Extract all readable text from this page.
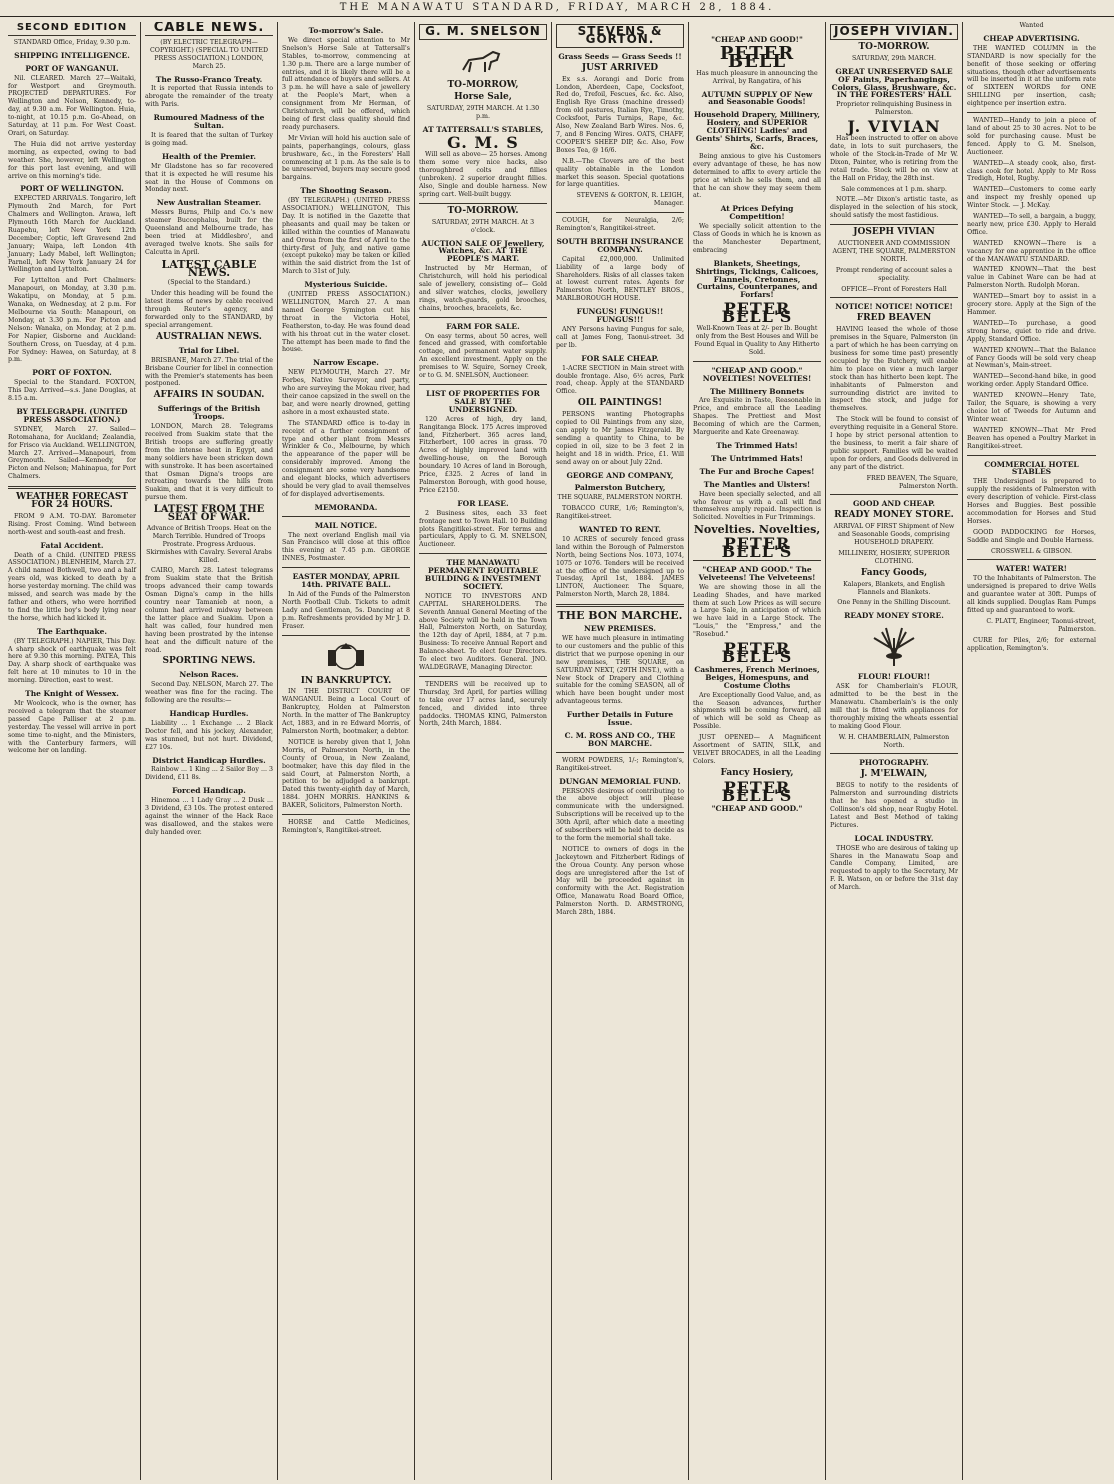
THE MANAWATU STANDARD, FRIDAY, MARCH 28, 1884.
SECOND EDITION

STANDARD Office, Friday, 9.30 p.m.

SHIPPING INTELLIGENCE.
PORT OF WANGANUI.

Nil. CLEARED. March 27—Waitaki, for Westport and Greymouth. PROJECTED DEPARTURES. For Wellington and Nelson, Kennedy, to-day, at 9.30 a.m. For Wellington. Huia, to-night, at 10.15 p.m. Go-Ahead, on Saturday, at 11 p.m. For West Coast. Orari, on Saturday.

The Huia did not arrive yesterday morning, as expected, owing to bad weather. She, however, left Wellington for this port last evening, and will arrive on this morning's tide.

PORT OF WELLINGTON.

EXPECTED ARRIVALS. Tongariro, left Plymouth 2nd March, for Port Chalmers and Wellington. Arawa, left Plymouth 16th March for Auckland. Ruapehu, left New York 12th December; Coptic, left Gravesend 2nd January; Waipa, left London 4th January; Lady Mabel, left Wellington; Parnell, left New York January 24 for Wellington and Lyttelton.

For Lyttelton and Port Chalmers: Manapouri, on Monday, at 3.30 p.m. Wakatipu, on Monday, at 5 p.m. Wanaka, on Wednesday, at 2 p.m. For Melbourne via South: Manapouri, on Monday, at 3.30 p.m. For Picton and Nelson: Wanaka, on Monday, at 2 p.m. For Napier, Gisborne and Auckland: Southern Cross, on Tuesday, at 4 p.m. For Sydney: Hawea, on Saturday, at 8 p.m.

PORT OF FOXTON.

Special to the Standard. FOXTON, This Day. Arrived—s.s. Jane Douglas, at 8.15 a.m.

BY TELEGRAPH. (UNITED PRESS ASSOCIATION.)

SYDNEY, March 27. Sailed—Rotomahana, for Auckland; Zealandia, for Frisco via Auckland. WELLINGTON, March 27. Arrived—Manapouri, from Greymouth. Sailed—Kennedy, for Picton and Nelson; Mahinapua, for Port Chalmers.

WEATHER FORECAST FOR 24 HOURS.

FROM 9 A.M. TO-DAY. Barometer Rising. Frost Coming. Wind between north-west and south-east and fresh.

Fatal Accident.

Death of a Child. (UNITED PRESS ASSOCIATION.) BLENHEIM, March 27. A child named Bothwell, two and a half years old, was kicked to death by a horse yesterday morning. The child was missed, and search was made by the father and others, who were horrified to find the little boy's body lying near the horse, which had kicked it.

The Earthquake.

(BY TELEGRAPH.) NAPIER, This Day. A sharp shock of earthquake was felt here at 9.30 this morning. PATEA, This Day. A sharp shock of earthquake was felt here at 10 minutes to 10 in the morning. Direction, east to west.

The Knight of Wessex.

Mr Woolcock, who is the owner, has received a telegram that the steamer passed Cape Palliser at 2 p.m. yesterday. The vessel will arrive in port some time to-night, and the Ministers, with the Canterbury farmers, will welcome her on landing.

CABLE NEWS.

(BY ELECTRIC TELEGRAPH—COPYRIGHT.) (SPECIAL TO UNITED PRESS ASSOCIATION.) LONDON, March 25.

The Russo-Franco Treaty.

It is reported that Russia intends to abrogate the remainder of the treaty with Paris.

Rumoured Madness of the Sultan.

It is feared that the sultan of Turkey is going mad.

Health of the Premier.

Mr Gladstone has so far recovered that it is expected he will resume his seat in the House of Commons on Monday next.

New Australian Steamer.

Messrs Burns, Philp and Co.'s new steamer Buccephalus, built for the Queensland and Melbourne trade, has been tried at Middlesbro', and averaged twelve knots. She sails for Calcutta in April.

LATEST CABLE NEWS.

(Special to the Standard.)

Under this heading will be found the latest items of news by cable received through Reuter's agency, and forwarded only to the STANDARD, by special arrangement.

AUSTRALIAN NEWS.
Trial for Libel.

BRISBANE, March 27. The trial of the Brisbane Courier for libel in connection with the Premier's statements has been postponed.

AFFAIRS IN SOUDAN.
Sufferings of the British Troops.

LONDON, March 28. Telegrams received from Suakim state that the British troops are suffering greatly from the intense heat in Egypt, and many soldiers have been stricken down with sunstroke. It has been ascertained that Osman Digna's troops are retreating towards the hills from Suakim, and that it is very difficult to pursue them.

LATEST FROM THE SEAT OF WAR.

Advance of British Troops. Heat on the March Terrible. Hundred of Troops Prostrate. Progress Arduous. Skirmishes with Cavalry. Several Arabs Killed.

CAIRO, March 28. Latest telegrams from Suakim state that the British troops advanced their camp towards Osman Digna's camp in the hills country near Tamanieb at noon, a column had arrived midway between the latter place and Suakim. Upon a halt was called, four hundred men having been prostrated by the intense heat and the difficult nature of the road.

SPORTING NEWS.
Nelson Races.

Second Day. NELSON, March 27. The weather was fine for the racing. The following are the results:—

Handicap Hurdles.

Liability ... 1 Exchange ... 2 Black Doctor fell, and his jockey, Alexander, was stunned, but not hurt. Dividend, £27 10s.

District Handicap Hurdles.

Rainbow ... 1 King ... 2 Sailor Boy ... 3 Dividend, £11 8s.

Forced Handicap.

Hinemoa ... 1 Lady Gray ... 2 Dusk ... 3 Dividend, £3 10s. The protest entered against the winner of the Hack Race was disallowed, and the stakes were duly handed over.

To-morrow's Sale.

We direct special attention to Mr Snelson's Horse Sale at Tattersall's Stables, to-morrow, commencing at 1.30 p.m. There are a large number of entries, and it is likely there will be a full attendance of buyers and sellers. At 3 p.m. he will have a sale of jewellery at the People's Mart, when a consignment from Mr Herman, of Christchurch, will be offered, which being of first class quality should find ready purchasers.

Mr Vivian will hold his auction sale of paints, paperhangings, colours, glass brushware, &c., in the Foresters' Hall commencing at 1 p.m. As the sale is to be unreserved, buyers may secure good bargains.

The Shooting Season.

(BY TELEGRAPH.) (UNITED PRESS ASSOCIATION.) WELLINGTON, This Day. It is notified in the Gazette that pheasants and quail may be taken or killed within the counties of Manawatu and Oroua from the first of April to the thirty-first of July, and native game (except pukeko) may be taken or killed within the said district from the 1st of March to 31st of July.

Mysterious Suicide.

(UNITED PRESS ASSOCIATION.) WELLINGTON, March 27. A man named George Symington cut his throat in the Victoria Hotel, Featherston, to-day. He was found dead with his throat cut in the water closet. The attempt has been made to find the house.

Narrow Escape.

NEW PLYMOUTH, March 27. Mr Forbes, Native Surveyor, and party, who are surveying the Mokau river, had their canoe capsized in the swell on the bar, and were nearly drowned, getting ashore in a most exhausted state.

The STANDARD office is to-day in receipt of a further consignment of type and other plant from Messrs Wrinkler & Co., Melbourne, by which the appearance of the paper will be considerably improved. Among the consignment are some very handsome and elegant blocks, which advertisers should be very glad to avail themselves of for displayed advertisements.

MEMORANDA.
MAIL NOTICE.

The next overland English mail via San Francisco will close at this office this evening at 7.45 p.m. GEORGE INNES, Postmaster.

EASTER MONDAY, APRIL 14th. PRIVATE BALL.

In Aid of the Funds of the Palmerston North Football Club. Tickets to admit Lady and Gentleman, 5s. Dancing at 8 p.m. Refreshments provided by Mr J. D. Fraser.

IN BANKRUPTCY.

IN THE DISTRICT COURT OF WANGANUI. Being a Local Court of Bankruptcy, Holden at Palmerston North. In the matter of The Bankruptcy Act, 1883, and in re Edward Morris, of Palmerston North, bootmaker, a debtor.

NOTICE is hereby given that I, John Morris, of Palmerston North, in the County of Oroua, in New Zealand, bootmaker, have this day filed in the said Court, at Palmerston North, a petition to be adjudged a bankrupt. Dated this twenty-eighth day of March, 1884. JOHN MORRIS. HANKINS & BAKER, Solicitors, Palmerston North.

HORSE and Cattle Medicines, Remington's, Rangitikei-street.

G. M. SNELSON
TO-MORROW,
Horse Sale,

SATURDAY, 29TH MARCH. At 1.30 p.m.

AT TATTERSALL'S STABLES,
G. M. S

Will sell as above— 25 horses. Among them some very nice hacks, also thoroughbred colts and fillies (unbroken). 2 superior draught fillies. Also, Single and double harness. New spring cart. Well-built buggy.

TO-MORROW.

SATURDAY, 29TH MARCH. At 3 o'clock.

AUCTION SALE OF Jewellery, Watches, &c. AT THE PEOPLE'S MART.

Instructed by Mr Herman, of Christchurch, will hold his periodical sale of jewellery, consisting of— Gold and silver watches, clocks, jewellery rings, watch-guards, gold brooches, chains, brooches, bracelets, &c.

FARM FOR SALE.

On easy terms, about 50 acres, well fenced and grassed, with comfortable cottage, and permanent water supply. An excellent investment. Apply on the premises to W. Squire, Sorney Creek, or to G. M. SNELSON, Auctioneer.

LIST OF PROPERTIES FOR SALE BY THE UNDERSIGNED.

120 Acres of high, dry land, Rangitanga Block. 175 Acres improved land, Fitzherbert. 365 acres land, Fitzherbert, 100 acres in grass. 70 Acres of highly improved land with dwelling-house, on the Borough boundary. 10 Acres of land in Borough, Price, £325. 2 Acres of land in Palmerston Borough, with good house, Price £2150.

FOR LEASE.

2 Business sites, each 33 feet frontage next to Town Hall. 10 Building plots Rangitikei-street. For terms and particulars, Apply to G. M. SNELSON, Auctioneer.

THE MANAWATU PERMANENT EQUITABLE BUILDING & INVESTMENT SOCIETY.

NOTICE TO INVESTORS AND CAPITAL SHAREHOLDERS. The Seventh Annual General Meeting of the above Society will be held in the Town Hall, Palmerston North, on Saturday, the 12th day of April, 1884, at 7 p.m. Business: To receive Annual Report and Balance-sheet. To elect four Directors. To elect two Auditors. General. JNO. WALDEGRAVE, Managing Director.

TENDERS will be received up to Thursday, 3rd April, for parties willing to take over 17 acres land, securely fenced, and divided into three paddocks. THOMAS KING, Palmerston North, 24th March, 1884.

STEVENS & GORTON.
Grass Seeds — Grass Seeds !!
JUST ARRIVED

Ex s.s. Aorangi and Doric from London, Aberdeen, Cape, Cocksfoot, Red do, Trefoil, Fescues, &c. &c. Also, English Rye Grass (machine dressed) from old pastures, Italian Rye, Timothy, Cocksfoot, Paris Turnips, Rape, &c. Also, New Zealand Barb Wires. Nos. 6, 7, and 8 Fencing Wires. OATS, CHAFF, COOPER'S SHEEP DIP, &c. Also, Fow Boxes Tea, @ 16/6.

N.B.—The Clovers are of the best quality obtainable in the London market this season. Special quotations for large quantities.

STEVENS & GORTON, R. LEIGH, Manager.

COUGH, for Neuralgia, 2/6; Remington's, Rangitikei-street.

SOUTH BRITISH INSURANCE COMPANY.

Capital £2,000,000. Unlimited Liability of a large body of Shareholders. Risks of all classes taken at lowest current rates. Agents for Palmerston North, BENTLEY BROS., MARLBOROUGH HOUSE.

FUNGUS! FUNGUS!! FUNGUS!!!

ANY Persons having Fungus for sale, call at James Fong, Taonui-street. 3d per lb.

FOR SALE CHEAP.

1-ACRE SECTION in Main street with double frontage. Also, 6½ acres, Park road, cheap. Apply at the STANDARD Office.

OIL PAINTINGS!

PERSONS wanting Photographs copied to Oil Paintings from any size, can apply to Mr James Fitzgerald. By sending a quantity to China, to be copied in oil, size to be 3 feet 2 in height and 18 in width. Price, £1. Will send away on or about July 22nd.

GEORGE AND COMPANY,
Palmerston Butchery,

THE SQUARE, PALMERSTON NORTH.

TOBACCO CURE, 1/6; Remington's, Rangitikei-street.

WANTED TO RENT.

10 ACRES of securely fenced grass land within the Borough of Palmerston North, being Sections Nos. 1073, 1074, 1075 or 1076. Tenders will be received at the office of the undersigned up to Tuesday, April 1st, 1884. JAMES LINTON, Auctioneer. The Square, Palmerston North, March 28, 1884.

THE BON MARCHE.
NEW PREMISES.

WE have much pleasure in intimating to our customers and the public of this district that we purpose opening in our new premises, THE SQUARE, on SATURDAY NEXT, (29TH INST.), with a New Stock of Drapery and Clothing suitable for the coming SEASON, all of which have been bought under most advantageous terms.

Further Details in Future Issue.
C. M. ROSS AND CO., THE BON MARCHE.

WORM POWDERS, 1/-; Remington's, Rangitikei-street.

DUNGAN MEMORIAL FUND.

PERSONS desirous of contributing to the above object will please communicate with the undersigned. Subscriptions will be received up to the 30th April, after which date a meeting of subscribers will be held to decide as to the form the memorial shall take.

NOTICE to owners of dogs in the Jackeytown and Fitzherbert Ridings of the Oroua County. Any person whose dogs are unregistered after the 1st of May will be proceeded against in conformity with the Act. Registration Office, Manawatu Road Board Office, Palmerston North. D. ARMSTRONG, March 28th, 1884.

"CHEAP AND GOOD!"
PETER BELL

Has much pleasure in announcing the Arrival, by Rangatira, of his

AUTUMN SUPPLY OF New and Seasonable Goods!
Household Drapery, Millinery, Hosiery, and SUPERIOR CLOTHING! Ladies' and Gents' Shirts, Scarfs, Braces, &c.

Being anxious to give his Customers every advantage of these, he has now determined to affix to every article the price at which he sells them, and all that he can show they may seem them at.

At Prices Defying Competition!

We specially solicit attention to the Class of Goods in which he is known as the Manchester Department, embracing

Blankets, Sheetings, Shirtings, Tickings, Calicoes, Flannels, Cretonnes, Curtains, Counterpanes, and Forfars!
PETER BELL'S

Well-Known Teas at 2/- per lb. Bought only from the Best Houses and Will be Found Equal in Quality to Any Hitherto Sold.

"CHEAP AND GOOD." NOVELTIES! NOVELTIES!
The Millinery Bonnets

Are Exquisite in Taste, Reasonable in Price, and embrace all the Leading Shapes. The Prettiest and Most Becoming of which are the Carmen, Marguerite and Kate Greenaway.

The Trimmed Hats!
The Untrimmed Hats!
The Fur and Broche Capes!
The Mantles and Ulsters!

Have been specially selected, and all who favour us with a call will find themselves amply repaid. Inspection is Solicited. Novelties in Fur Trimmings.

Novelties. Novelties,
PETER BELL'S
"CHEAP AND GOOD." The Velveteens! The Velveteens!

We are showing those in all the Leading Shades, and have marked them at such Low Prices as will secure a Large Sale, in anticipation of which we have laid in a Large Stock. The "Louis," the "Empress," and the "Rosebud."

PETER BELL'S
Cashmeres, French Merinoes, Beiges, Homespuns, and Costume Cloths

Are Exceptionally Good Value, and, as the Season advances, further shipments will be coming forward, all of which will be sold as Cheap as Possible.

JUST OPENED— A Magnificent Assortment of SATIN, SILK, and VELVET BROCADES, in all the Leading Colors.

Fancy Hosiery,
PETER BELL'S
"CHEAP AND GOOD."
JOSEPH VIVIAN.
TO-MORROW.

SATURDAY, 29th MARCH.

GREAT UNRESERVED SALE OF Paints, Paperhangings, Colors, Glass, Brushware, &c. IN THE FORESTERS' HALL

Proprietor relinquishing Business in Palmerston.

J. VIVIAN

Has been instructed to offer on above date, in lots to suit purchasers, the whole of the Stock-in-Trade of Mr W. Dixon, Painter, who is retiring from the retail trade. Stock will be on view at the Hall on Friday, the 28th inst.

Sale commences at 1 p.m. sharp.

NOTE.—Mr Dixon's artistic taste, as displayed in the selection of his stock, should satisfy the most fastidious.

JOSEPH VIVIAN

AUCTIONEER AND COMMISSION AGENT, THE SQUARE, PALMERSTON NORTH.

Prompt rendering of account sales a speciality.

OFFICE—Front of Foresters Hall

NOTICE! NOTICE! NOTICE!
FRED BEAVEN

HAVING leased the whole of those premises in the Square, Palmerston (in a part of which he has been carrying on business for some time past) presently occupied by the Butchery, will enable him to place on view a much larger stock than has hitherto been kept. The inhabitants of Palmerston and surrounding district are invited to inspect the stock, and judge for themselves.

The Stock will be found to consist of everything requisite in a General Store. I hope by strict personal attention to the business, to merit a fair share of public support. Families will be waited upon for orders, and Goods delivered in any part of the district.

FRED BEAVEN, The Square, Palmerston North.

GOOD AND CHEAP.
READY MONEY STORE.

ARRIVAL OF FIRST Shipment of New and Seasonable Goods, comprising HOUSEHOLD DRAPERY.

MILLINERY, HOSIERY, SUPERIOR CLOTHING.

Fancy Goods,

Kalapers, Blankets, and English Flannels and Blankets.

One Penny in the Shilling Discount.

READY MONEY STORE.
FLOUR! FLOUR!!

ASK for Chamberlain's FLOUR, admitted to be the best in the Manawatu. Chamberlain's is the only mill that is fitted with appliances for thoroughly mixing the wheats essential to making Good Flour.

W. H. CHAMBERLAIN, Palmerston North.

PHOTOGRAPHY.
J. M'ELWAIN,

BEGS to notify to the residents of Palmerston and surrounding districts that he has opened a studio in Collinson's old shop, near Rugby Hotel. Latest and Best Method of taking Pictures.

LOCAL INDUSTRY.

THOSE who are desirous of taking up Shares in the Manawatu Soap and Candle Company, Limited, are requested to apply to the Secretary, Mr F. R. Watson, on or before the 31st day of March.

Wanted
CHEAP ADVERTISING.

THE WANTED COLUMN in the STANDARD is now specially for the benefit of those seeking or offering situations, though other advertisements will be inserted in it at the uniform rate of SIXTEEN WORDS for ONE SHILLING per insertion, cash; eightpence per insertion extra.

WANTED—Handy to join a piece of land of about 25 to 30 acres. Not to be sold for purchasing cause. Must be fenced. Apply to G. M. Snelson, Auctioneer.

WANTED—A steady cook, also, first-class cook for hotel. Apply to Mr Ross Tredigh, Hotel, Rugby.

WANTED—Customers to come early and inspect my freshly opened up Winter Stock. — J. McKay.

WANTED—To sell, a bargain, a buggy, nearly new, price £30. Apply to Herald Office.

WANTED KNOWN—There is a vacancy for one apprentice in the office of the MANAWATU STANDARD.

WANTED KNOWN—That the best value in Cabinet Ware can be had at Palmerston North. Rudolph Moran.

WANTED—Smart boy to assist in a grocery store. Apply at the Sign of the Hammer.

WANTED—To purchase, a good strong horse, quiet to ride and drive. Apply, Standard Office.

WANTED KNOWN—That the Balance of Fancy Goods will be sold very cheap at Newman's, Main-street.

WANTED—Second-hand bike, in good working order. Apply Standard Office.

WANTED KNOWN—Henry Tate, Tailor, the Square, is showing a very choice lot of Tweeds for Autumn and Winter wear.

WANTED KNOWN—That Mr Fred Beaven has opened a Poultry Market in Rangitikei-street.

COMMERCIAL HOTEL STABLES

THE Undersigned is prepared to supply the residents of Palmerston with every description of vehicle. First-class Horses and Buggies. Best possible accommodation for Horses and Stud Horses.

GOOD PADDOCKING for Horses, Saddle and Single and Double Harness.

CROSSWELL & GIBSON.

WATER! WATER!

TO the Inhabitants of Palmerston. The undersigned is prepared to drive Wells and guarantee water at 30ft. Pumps of all kinds supplied. Douglas Ram Pumps fitted up and guaranteed to work.

C. PLATT, Engineer, Taonui-street, Palmerston.

CURE for Piles, 2/6; for external application, Remington's.
